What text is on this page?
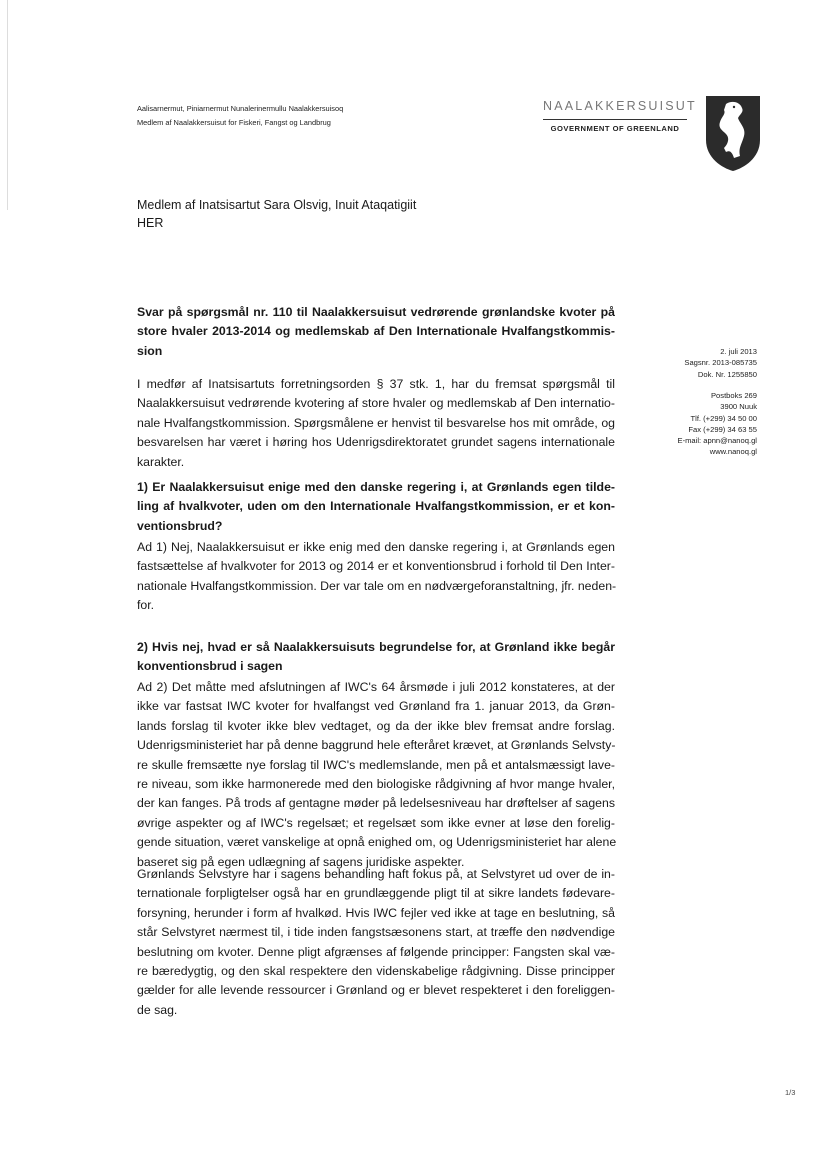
Aalisarnermut, Piniarnermut Nunalerinermullu Naalakkersuisoq
Medlem af Naalakkersuisut for Fiskeri, Fangst og Landbrug
NAALAKKERSUISUT
GOVERNMENT OF GREENLAND
Medlem af Inatsisartut Sara Olsvig, Inuit Ataqatigiit
HER
2. juli 2013
Sagsnr. 2013-085735
Dok. Nr. 1255850
Postboks 269
3900 Nuuk
Tlf. (+299) 34 50 00
Fax (+299) 34 63 55
E-mail: apnn@nanoq.gl
www.nanoq.gl
Svar på spørgsmål nr. 110 til Naalakkersuisut vedrørende grønlandske kvoter på
store hvaler 2013-2014 og medlemskab af Den Internationale Hvalfangstkommis-
sion
I medfør af Inatsisartuts forretningsorden § 37 stk. 1, har du fremsat spørgsmål til
Naalakkersuisut vedrørende kvotering af store hvaler og medlemskab af Den internatio-
nale Hvalfangstkommission. Spørgsmålene er henvist til besvarelse hos mit område, og
besvarelsen har været i høring hos Udenrigsdirektoratet grundet sagens internationale
karakter.
1) Er Naalakkersuisut enige med den danske regering i, at Grønlands egen tilde-
ling af hvalkvoter, uden om den Internationale Hvalfangstkommission, er et kon-
ventionsbrud?
Ad 1) Nej, Naalakkersuisut er ikke enig med den danske regering i, at Grønlands egen
fastsættelse af hvalkvoter for 2013 og 2014 er et konventionsbrud i forhold til Den Inter-
nationale Hvalfangstkommission. Der var tale om en nødværgeforanstaltning, jfr. neden-
for.
2) Hvis nej, hvad er så Naalakkersuisuts begrundelse for, at Grønland ikke begår
konventionsbrud i sagen
Ad 2) Det måtte med afslutningen af IWC's 64 årsmøde i juli 2012 konstateres, at der
ikke var fastsat IWC kvoter for hvalfangst ved Grønland fra 1. januar 2013, da Grøn-
lands forslag til kvoter ikke blev vedtaget, og da der ikke blev fremsat andre forslag.
Udenrigsministeriet har på denne baggrund hele efteråret krævet, at Grønlands Selvsty-
re skulle fremsætte nye forslag til IWC's medlemslande, men på et antalsmæssigt lave-
re niveau, som ikke harmonerede med den biologiske rådgivning af hvor mange hvaler,
der kan fanges. På trods af gentagne møder på ledelsesniveau har drøftelser af sagens
øvrige aspekter og af IWC's regelsæt; et regelsæt som ikke evner at løse den forelig-
gende situation, været vanskelige at opnå enighed om, og Udenrigsministeriet har alene
baseret sig på egen udlægning af sagens juridiske aspekter.
Grønlands Selvstyre har i sagens behandling haft fokus på, at Selvstyret ud over de in-
ternationale forpligtelser også har en grundlæggende pligt til at sikre landets fødevare-
forsyning, herunder i form af hvalkød. Hvis IWC fejler ved ikke at tage en beslutning, så
står Selvstyret nærmest til, i tide inden fangstsæsonens start, at træffe den nødvendige
beslutning om kvoter. Denne pligt afgrænses af følgende principper: Fangsten skal væ-
re bæredygtig, og den skal respektere den videnskabelige rådgivning. Disse principper
gælder for alle levende ressourcer i Grønland og er blevet respekteret i den foreliggen-
de sag.
1/3
